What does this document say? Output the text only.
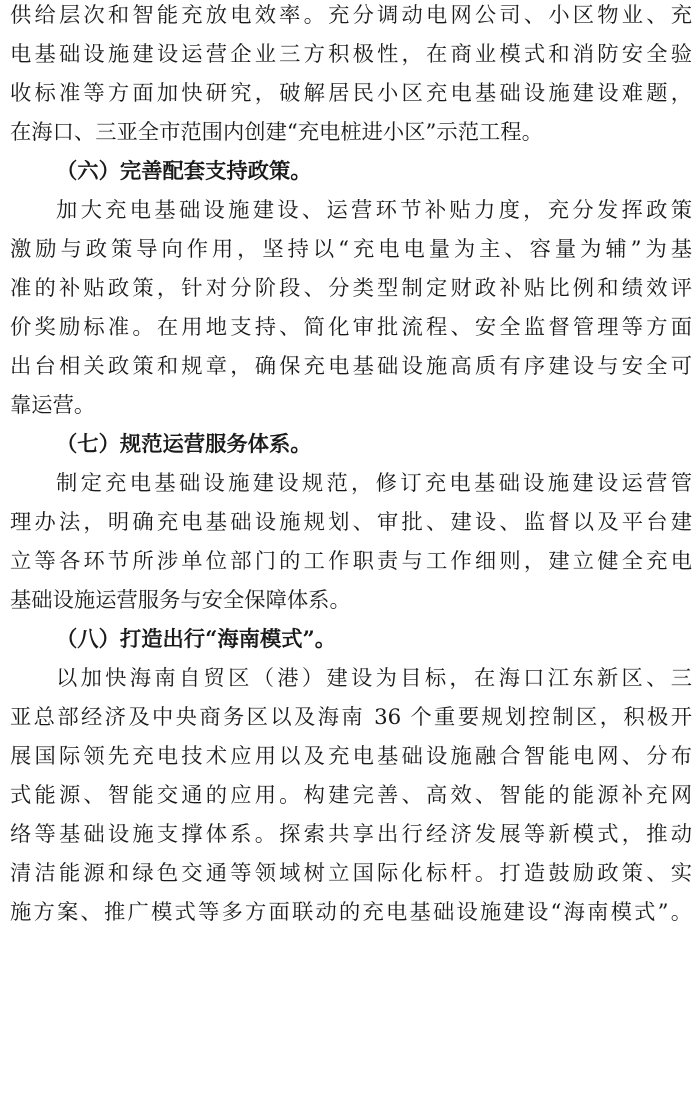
供给层次和智能充放电效率。充分调动电网公司、小区物业、充
电基础设施建设运营企业三方积极性，在商业模式和消防安全验
收标准等方面加快研究，破解居民小区充电基础设施建设难题，
在海口、三亚全市范围内创建“充电桩进小区”示范工程。
（六）完善配套支持政策。
加大充电基础设施建设、运营环节补贴力度，充分发挥政策
激励与政策导向作用，坚持以“充电电量为主、容量为辅”为基
准的补贴政策，针对分阶段、分类型制定财政补贴比例和绩效评
价奖励标准。在用地支持、简化审批流程、安全监督管理等方面
出台相关政策和规章，确保充电基础设施高质有序建设与安全可
靠运营。
（七）规范运营服务体系。
制定充电基础设施建设规范，修订充电基础设施建设运营管
理办法，明确充电基础设施规划、审批、建设、监督以及平台建
立等各环节所涉单位部门的工作职责与工作细则，建立健全充电
基础设施运营服务与安全保障体系。
（八）打造出行“海南模式”。
以加快海南自贸区（港）建设为目标，在海口江东新区、三
亚总部经济及中央商务区以及海南 36 个重要规划控制区，积极开
展国际领先充电技术应用以及充电基础设施融合智能电网、分布
式能源、智能交通的应用。构建完善、高效、智能的能源补充网
络等基础设施支撑体系。探索共享出行经济发展等新模式，推动
清洁能源和绿色交通等领域树立国际化标杆。打造鼓励政策、实
施方案、推广模式等多方面联动的充电基础设施建设“海南模式”。
